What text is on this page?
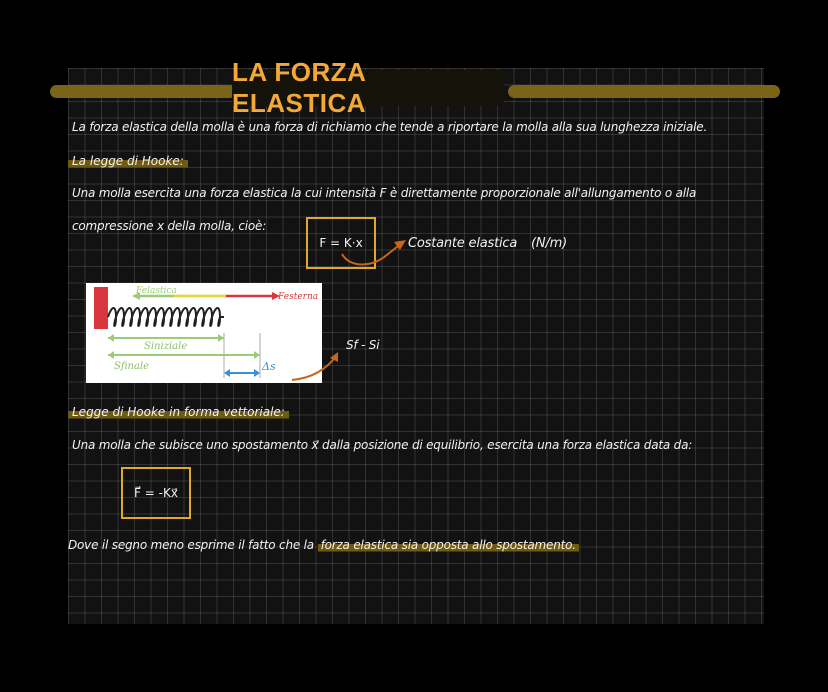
LA FORZA ELASTICA
La forza elastica della molla è una forza di richiamo che tende a riportare la molla alla sua lunghezza iniziale.
La legge di Hooke:
Una molla esercita una forza elastica la cui intensità F è direttamente proporzionale all'allungamento o alla
compressione x della molla, cioè:
F = K·x	Costante elastica (N/m)
Felastica
Festerna
Siniziale
Sfinale	Δs
Sf - Si
Legge di Hooke in forma vettoriale:
Una molla che subisce uno spostamento x⃗ dalla posizione di equilibrio, esercita una forza elastica data da:
F⃗ = -Kx⃗
Dove il segno meno esprime il fatto che la forza elastica sia opposta allo spostamento.
